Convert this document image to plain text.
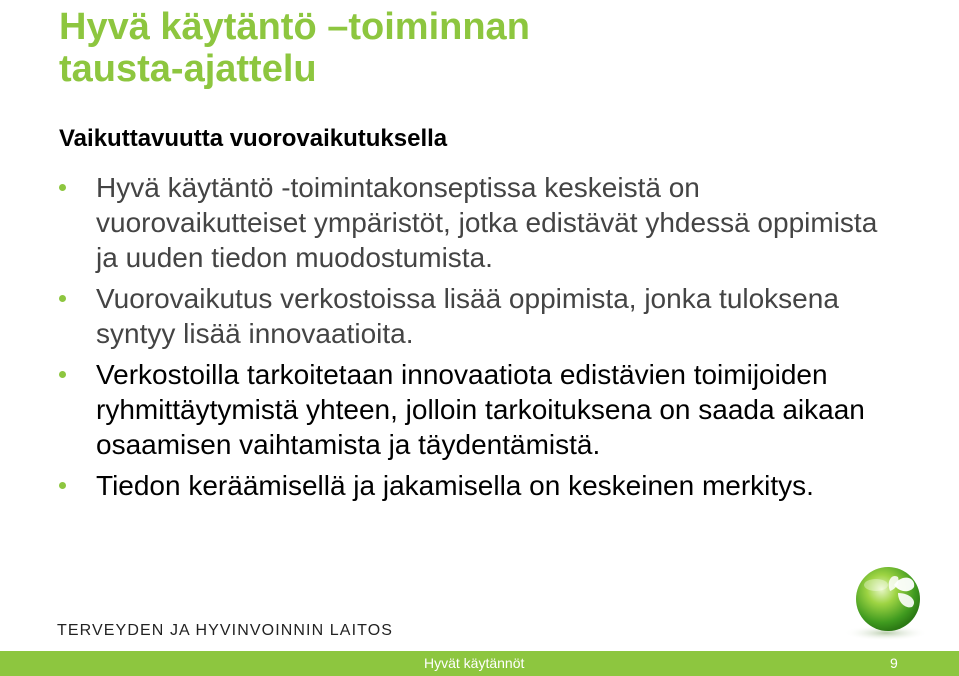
Hyvä käytäntö –toiminnan
tausta-ajattelu
Vaikuttavuutta vuorovaikutuksella
Hyvä käytäntö -toimintakonseptissa keskeistä on vuorovaikutteiset ympäristöt, jotka edistävät yhdessä oppimista ja uuden tiedon muodostumista.
Vuorovaikutus verkostoissa lisää oppimista, jonka tuloksena syntyy lisää innovaatioita.
Verkostoilla tarkoitetaan innovaatiota edistävien toimijoiden ryhmittäytymistä yhteen, jolloin tarkoituksena on saada aikaan osaamisen vaihtamista ja täydentämistä.
Tiedon keräämisellä ja jakamisella on keskeinen merkitys.
TERVEYDEN JA HYVINVOINNIN LAITOS
Hyvät käytännöt	9
